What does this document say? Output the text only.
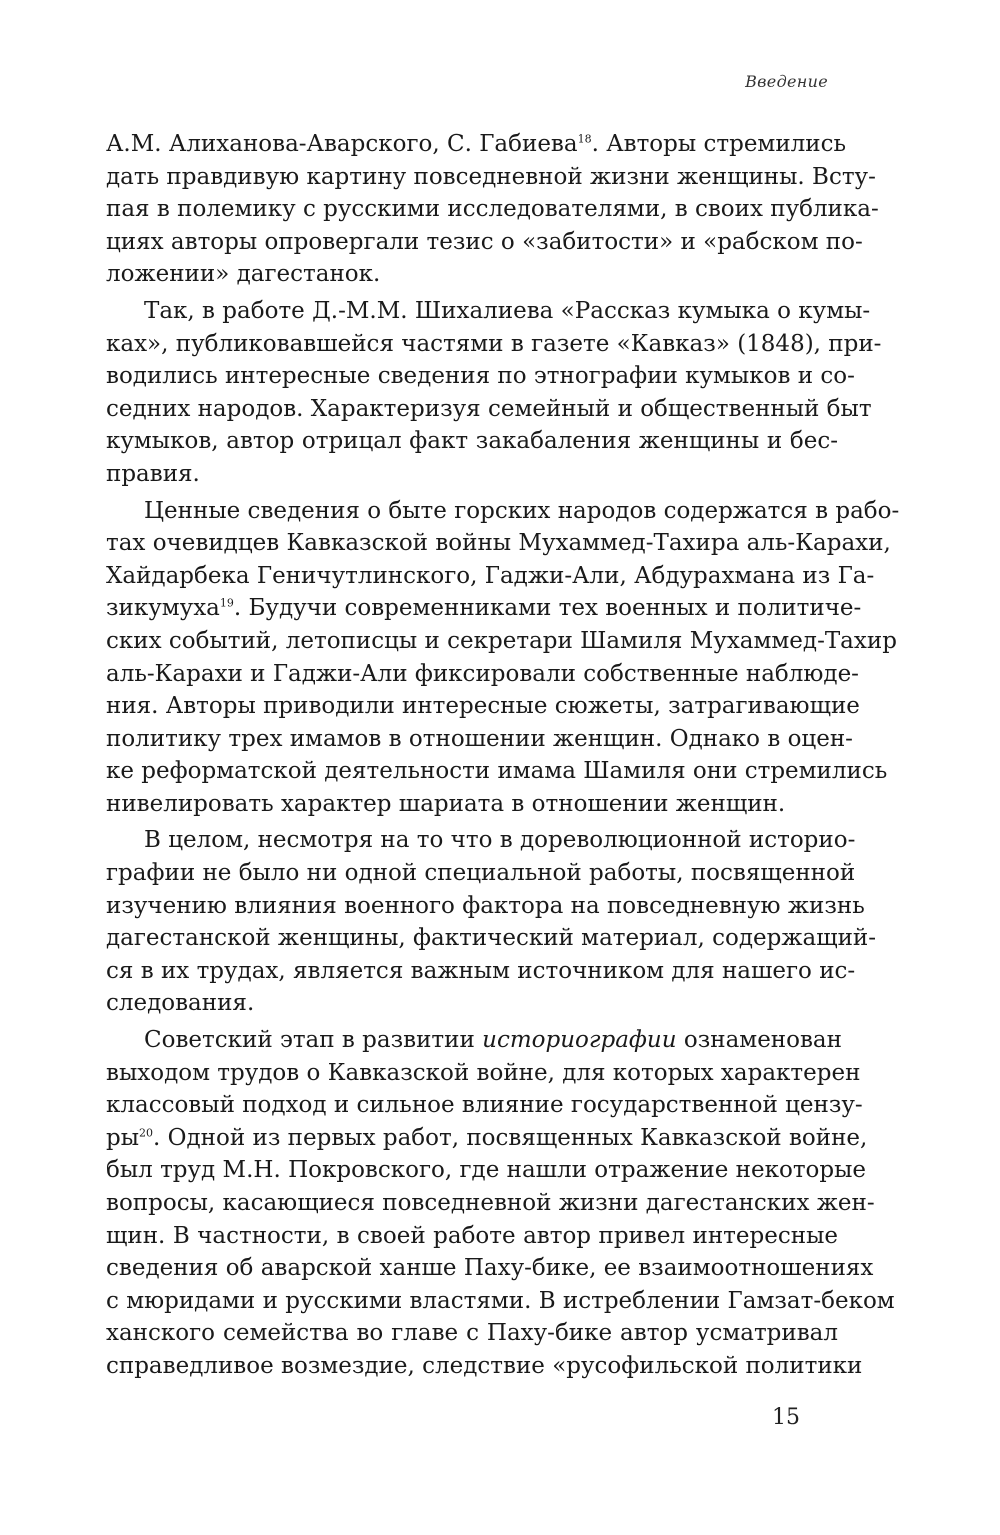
Введение
А.М. Алиханова-Аварского, С. Габиева$^{18}$. Авторы стремились
дать правдивую картину повседневной жизни женщины. Всту-
пая в полемику с русскими исследователями, в своих публика-
циях авторы опровергали тезис о «забитости» и «рабском по-
ложении» дагестанок.
Так, в работе Д.-М.М. Шихалиева «Рассказ кумыка о кумы-
ках», публиковавшейся частями в газете «Кавказ» (1848), при-
водились интересные сведения по этнографии кумыков и со-
седних народов. Характеризуя семейный и общественный быт
кумыков, автор отрицал факт закабаления женщины и бес-
правия.
Ценные сведения о быте горских народов содержатся в рабо-
тах очевидцев Кавказской войны Мухаммед-Тахира аль-Карахи,
Хайдарбека Геничутлинского, Гаджи-Али, Абдурахмана из Га-
зикумуха$^{19}$. Будучи современниками тех военных и политиче-
ских событий, летописцы и секретари Шамиля Мухаммед-Тахир
аль-Карахи и Гаджи-Али фиксировали собственные наблюде-
ния. Авторы приводили интересные сюжеты, затрагивающие
политику трех имамов в отношении женщин. Однако в оцен-
ке реформатской деятельности имама Шамиля они стремились
нивелировать характер шариата в отношении женщин.
В целом, несмотря на то что в дореволюционной историо-
графии не было ни одной специальной работы, посвященной
изучению влияния военного фактора на повседневную жизнь
дагестанской женщины, фактический материал, содержащий-
ся в их трудах, является важным источником для нашего ис-
следования.
Советский этап в развитии историографии ознаменован
выходом трудов о Кавказской войне, для которых характерен
классовый подход и сильное влияние государственной цензу-
$ры^{20}$. Одной из первых работ, посвященных Кавказской войне,
был труд М.Н. Покровского, где нашли отражение некоторые
вопросы, касающиеся повседневной жизни дагестанских жен-
щин. В частности, в своей работе автор привел интересные
сведения об аварской ханше Паху-бике, ее взаимоотношениях
с мюридами и русскими властями. В истреблении Гамзат-беком
ханского семейства во главе с Паху-бике автор усматривал
справедливое возмездие, следствие «русофильской политики
15
